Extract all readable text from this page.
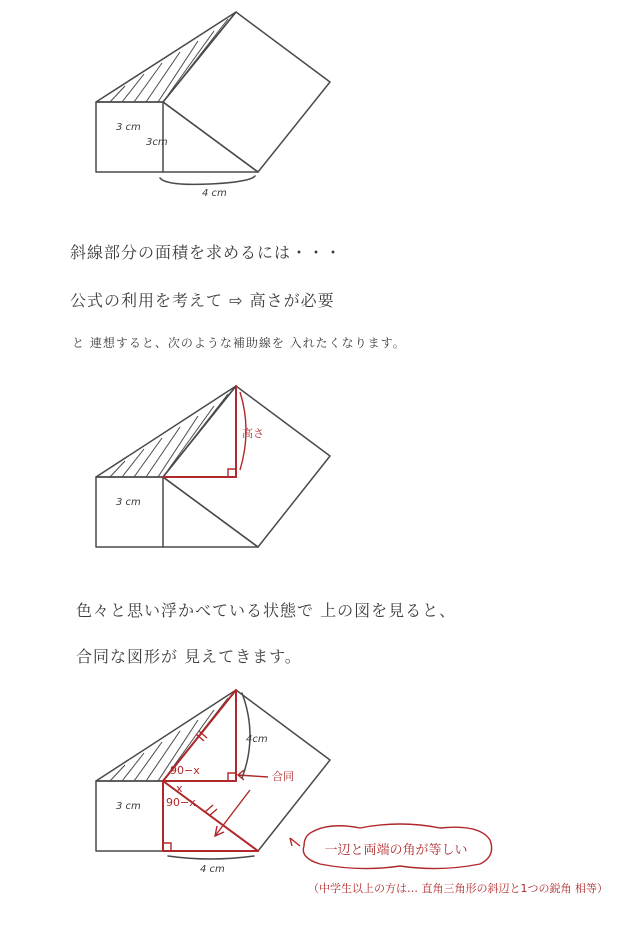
3 cm
3cm
4 cm
3 cm
高さ
3 cm
4cm
4 cm
90−x
x
90−x
合同
斜線部分の面積を求めるには・・・
公式の利用を考えて ⇨ 高さが必要
と 連想すると、次のような補助線を 入れたくなります。
色々と思い浮かべている状態で 上の図を見ると、
合同な図形が 見えてきます。
一辺と両端の角が等しい
（中学生以上の方は… 直角三角形の斜辺と1つの鋭角 相等）
